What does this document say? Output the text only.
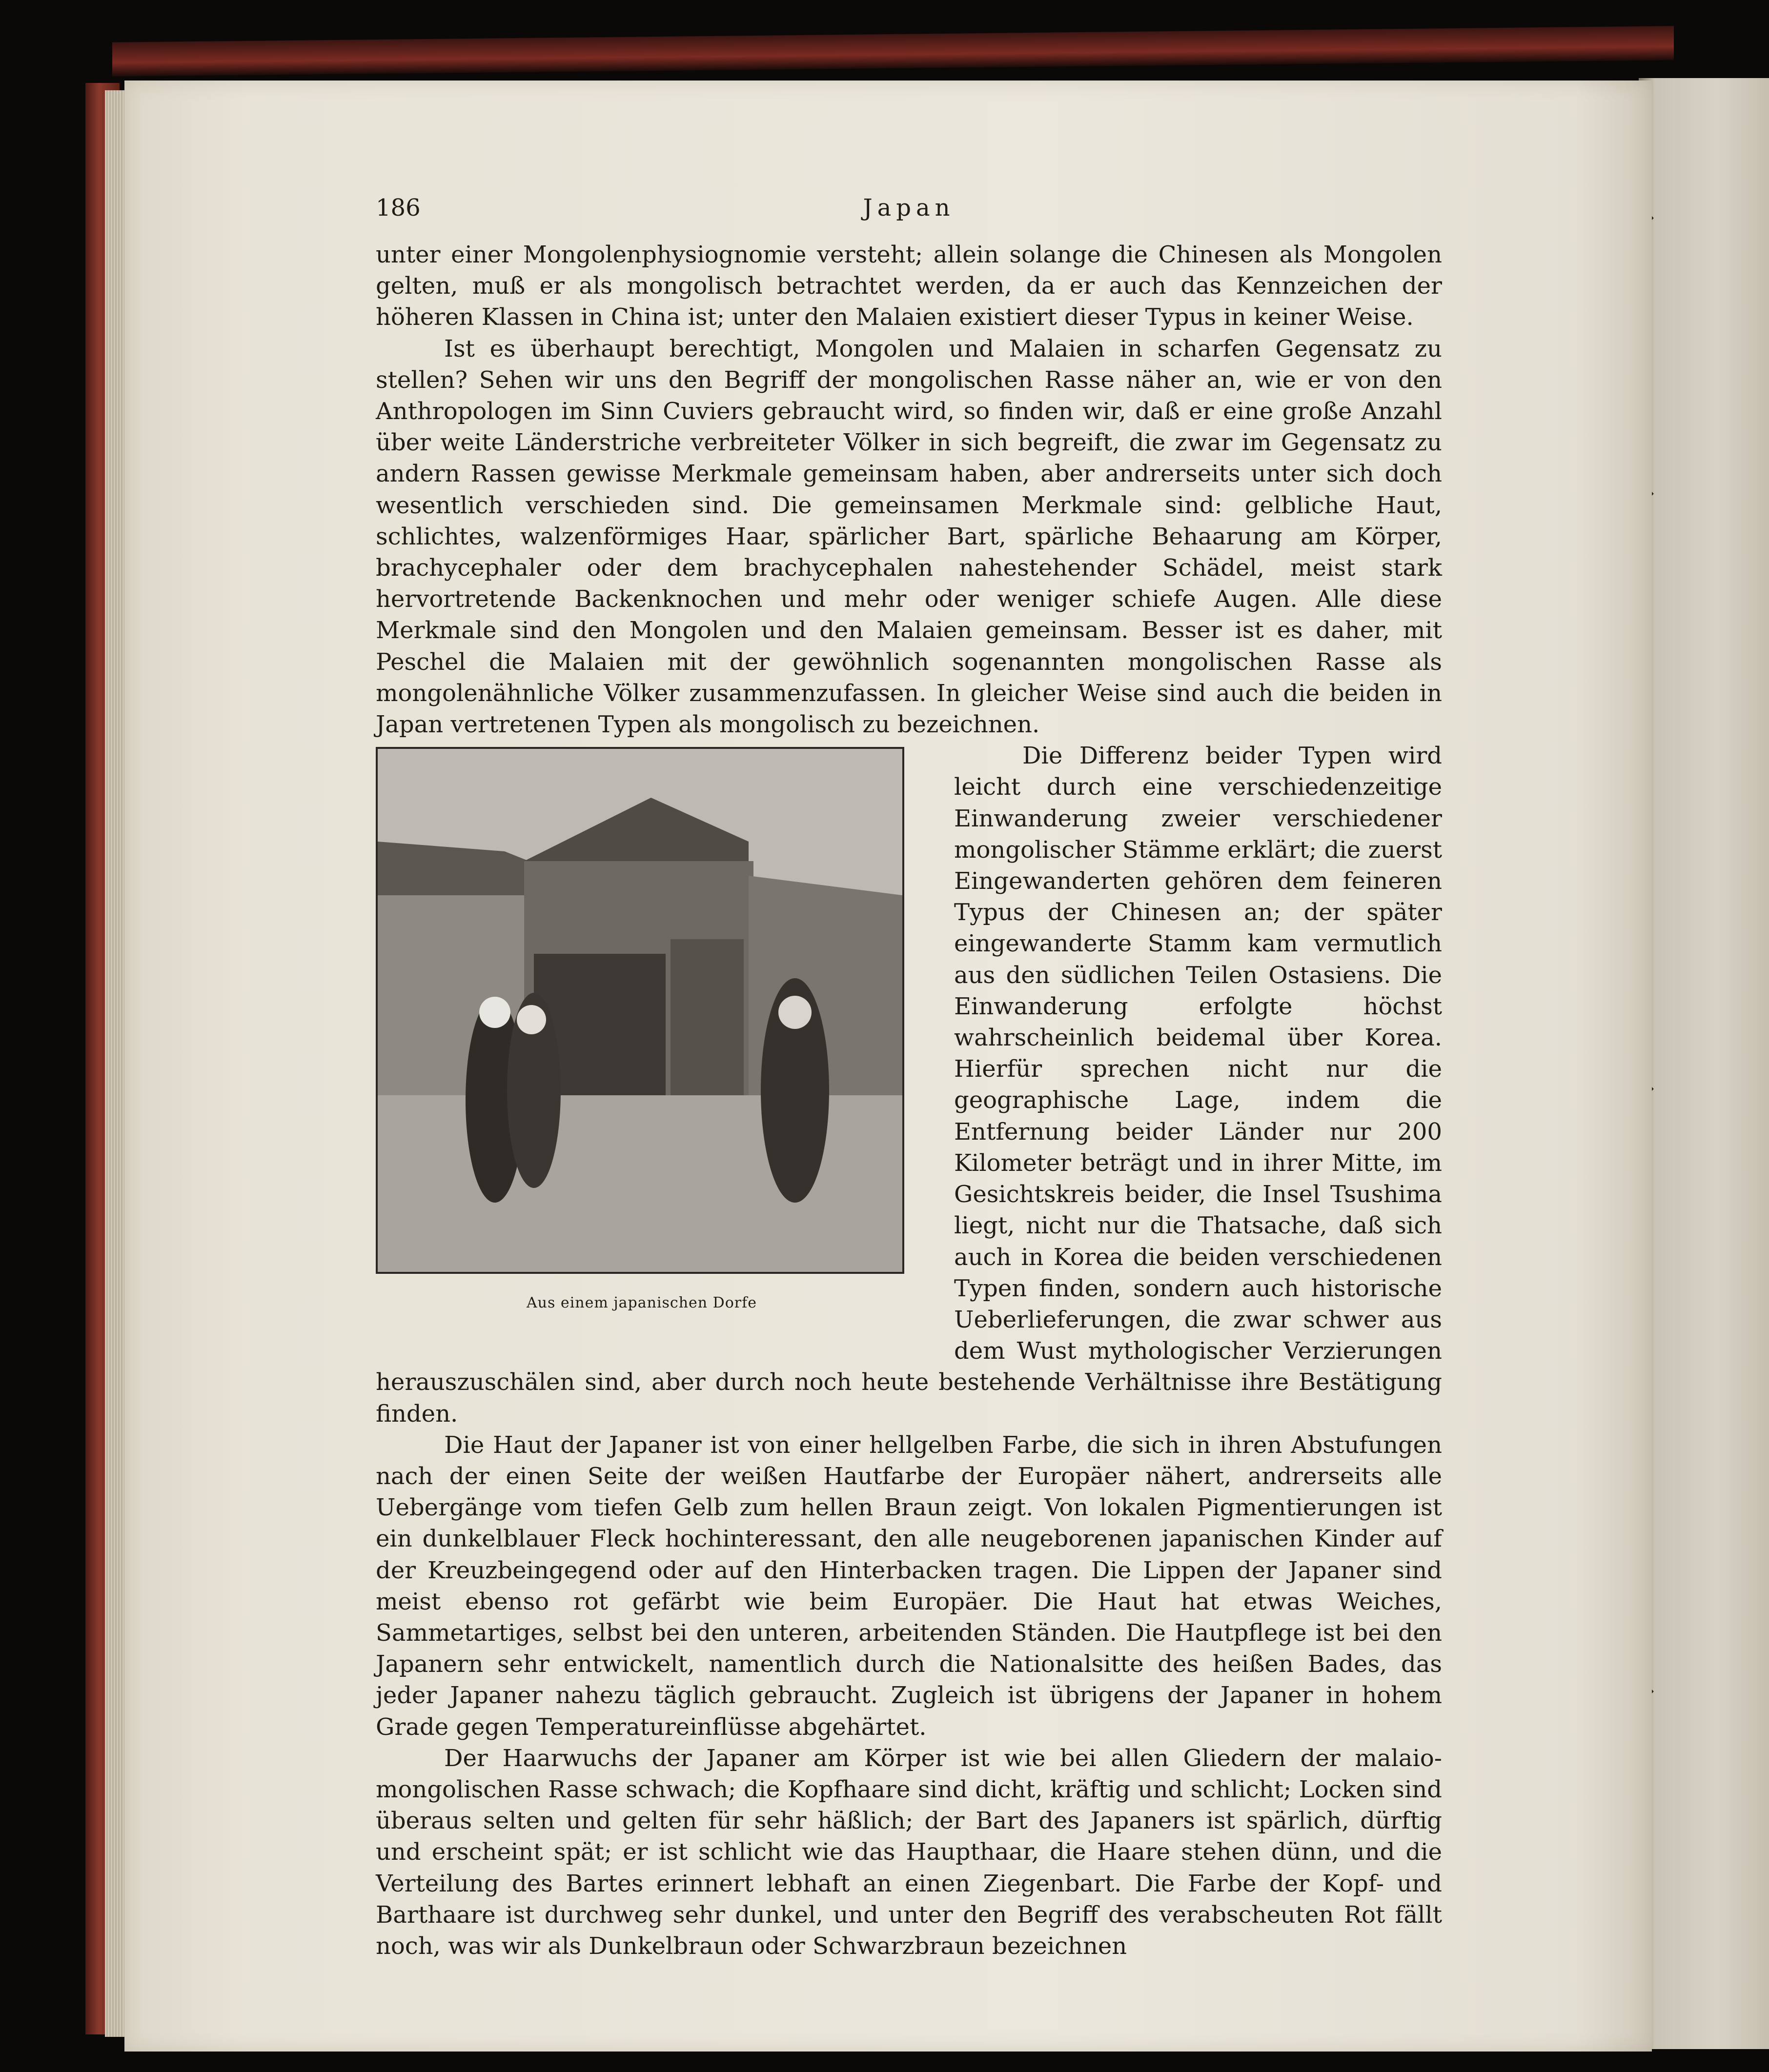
186	Japan

unter einer Mongolenphysiognomie versteht; allein solange die Chinesen als Mongolen gelten, muß er als mongolisch betrachtet werden, da er auch das Kennzeichen der höheren Klassen in China ist; unter den Malaien existiert dieser Typus in keiner Weise.

Ist es überhaupt berechtigt, Mongolen und Malaien in scharfen Gegensatz zu stellen? Sehen wir uns den Begriff der mongolischen Rasse näher an, wie er von den Anthropologen im Sinn Cuviers gebraucht wird, so finden wir, daß er eine große Anzahl über weite Länderstriche verbreiteter Völker in sich begreift, die zwar im Gegensatz zu andern Rassen gewisse Merkmale gemeinsam haben, aber andrerseits unter sich doch wesentlich verschieden sind. Die gemeinsamen Merkmale sind: gelbliche Haut, schlichtes, walzenförmiges Haar, spärlicher Bart, spärliche Behaarung am Körper, brachycephaler oder dem brachycephalen nahestehender Schädel, meist stark hervortretende Backenknochen und mehr oder weniger schiefe Augen. Alle diese Merkmale sind den Mongolen und den Malaien gemeinsam. Besser ist es daher, mit Peschel die Malaien mit der gewöhnlich sogenannten mongolischen Rasse als mongolenähnliche Völker zusammenzufassen. In gleicher Weise sind auch die beiden in Japan vertretenen Typen als mongolisch zu bezeichnen.

Aus einem japanischen Dorfe

Die Differenz beider Typen wird leicht durch eine verschiedenzeitige Einwanderung zweier verschiedener mongolischer Stämme erklärt; die zuerst Eingewanderten gehören dem feineren Typus der Chinesen an; der später eingewanderte Stamm kam vermutlich aus den südlichen Teilen Ostasiens. Die Einwanderung erfolgte höchst wahrscheinlich beidemal über Korea. Hierfür sprechen nicht nur die geographische Lage, indem die Entfernung beider Länder nur 200 Kilometer beträgt und in ihrer Mitte, im Gesichtskreis beider, die Insel Tsushima liegt, nicht nur die Thatsache, daß sich auch in Korea die beiden verschiedenen Typen finden, sondern auch historische Ueberlieferungen, die zwar schwer aus dem Wust mythologischer Verzierungen herauszuschälen sind, aber durch noch heute bestehende Verhältnisse ihre Bestätigung finden.

Die Haut der Japaner ist von einer hellgelben Farbe, die sich in ihren Abstufungen nach der einen Seite der weißen Hautfarbe der Europäer nähert, andrerseits alle Uebergänge vom tiefen Gelb zum hellen Braun zeigt. Von lokalen Pigmentierungen ist ein dunkelblauer Fleck hochinteressant, den alle neugeborenen japanischen Kinder auf der Kreuzbeingegend oder auf den Hinterbacken tragen. Die Lippen der Japaner sind meist ebenso rot gefärbt wie beim Europäer. Die Haut hat etwas Weiches, Sammetartiges, selbst bei den unteren, arbeitenden Ständen. Die Hautpflege ist bei den Japanern sehr entwickelt, namentlich durch die Nationalsitte des heißen Bades, das jeder Japaner nahezu täglich gebraucht. Zugleich ist übrigens der Japaner in hohem Grade gegen Temperatureinflüsse abgehärtet.

Der Haarwuchs der Japaner am Körper ist wie bei allen Gliedern der malaio-mongolischen Rasse schwach; die Kopfhaare sind dicht, kräftig und schlicht; Locken sind überaus selten und gelten für sehr häßlich; der Bart des Japaners ist spärlich, dürftig und erscheint spät; er ist schlicht wie das Haupthaar, die Haare stehen dünn, und die Verteilung des Bartes erinnert lebhaft an einen Ziegenbart. Die Farbe der Kopf- und Barthaare ist durchweg sehr dunkel, und unter den Begriff des verabscheuten Rot fällt noch, was wir als Dunkelbraun oder Schwarzbraun bezeichnen
